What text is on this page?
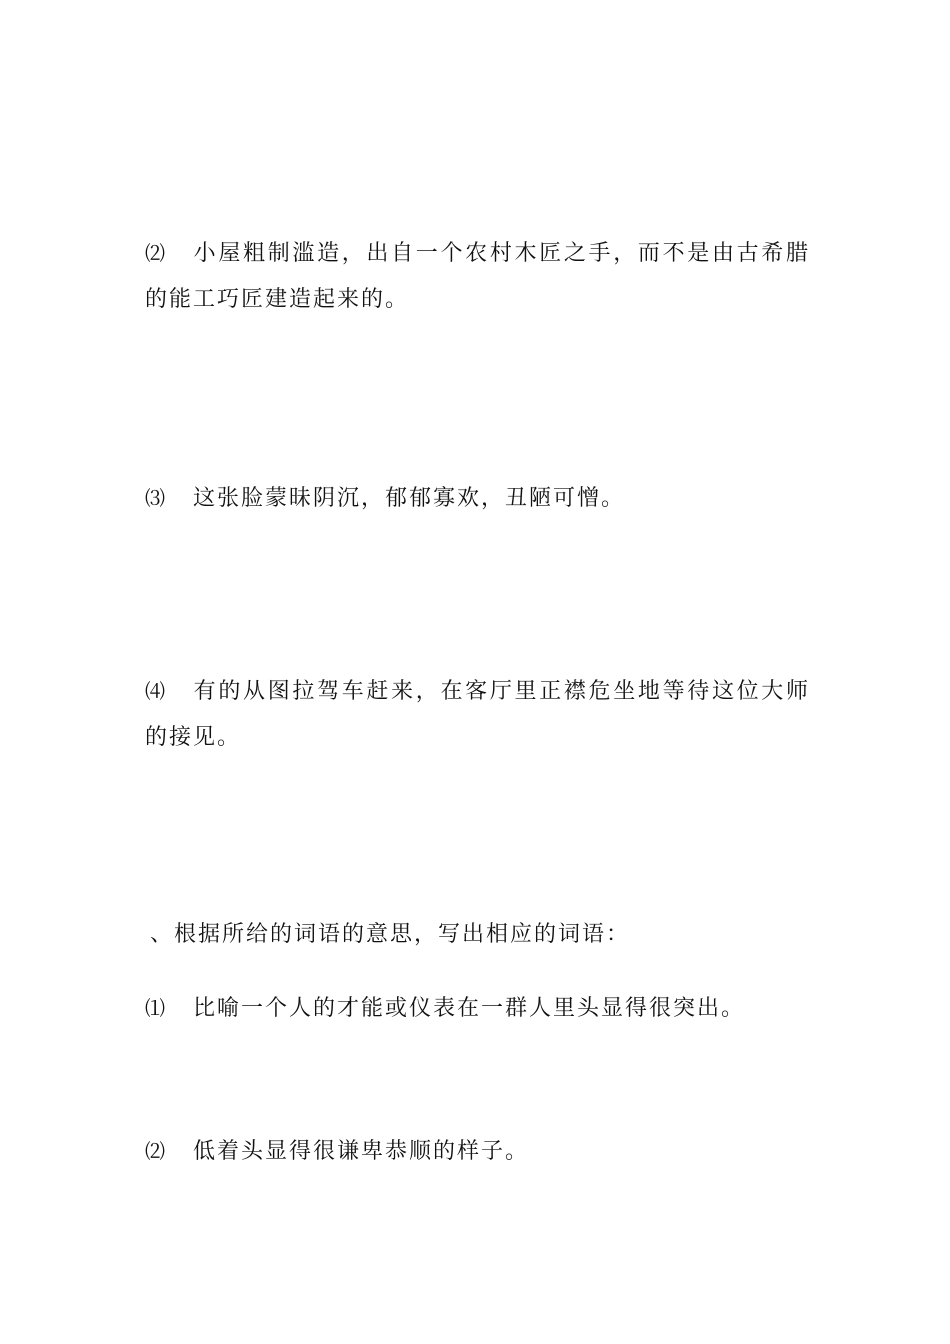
⑵ 小屋粗制滥造，出自一个农村木匠之手，而不是由古希腊的能工巧匠建造起来的。
⑶ 这张脸蒙昧阴沉，郁郁寡欢，丑陋可憎。
⑷ 有的从图拉驾车赶来，在客厅里正襟危坐地等待这位大师的接见。
、根据所给的词语的意思，写出相应的词语：
⑴ 比喻一个人的才能或仪表在一群人里头显得很突出。
⑵ 低着头显得很谦卑恭顺的样子。
